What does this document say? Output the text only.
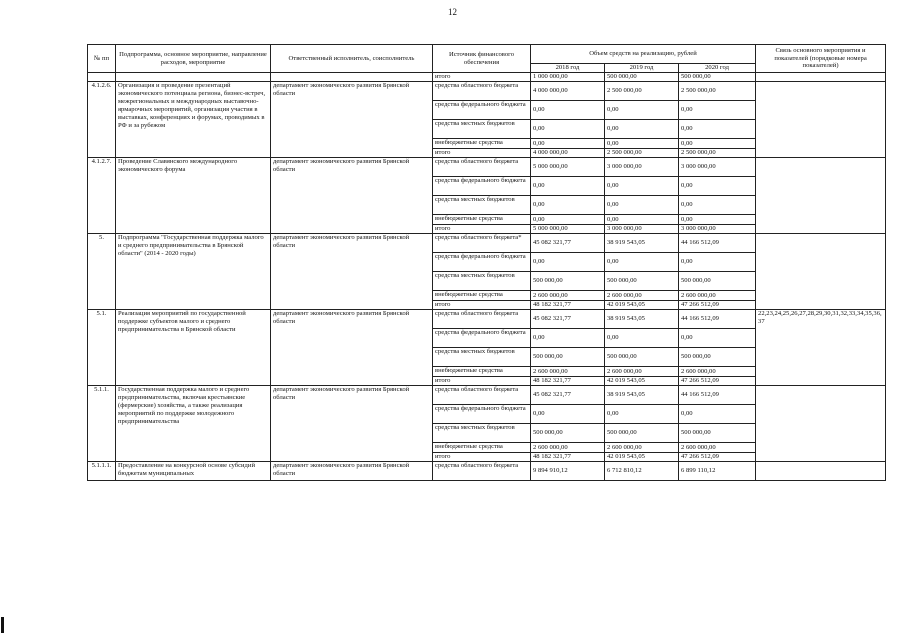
12
№ пп	Подпрограмма, основное мероприятие, направление расходов, мероприятие	Ответственный исполнитель, соисполнитель	Источник финансового обеспечения	Объем средств на реализацию, рублей			Связь основного мероприятия и показателей (порядковые номера показателей)
				2018 год	2019 год	2020 год	
			итого	1 000 000,00	500 000,00	500 000,00	
4.1.2.6.	Организация и проведение презентаций экономического потенциала региона, бизнес-встреч, межрегиональных и международных выставочно-ярмарочных мероприятий, организация участия в выставках, конференциях и форумах, проводимых в РФ и за рубежом	департамент экономического развития Брянской области	средства областного бюджета	4 000 000,00	2 500 000,00	2 500 000,00	
			средства федерального бюджета	0,00	0,00	0,00	
			средства местных бюджетов	0,00	0,00	0,00	
			внебюджетные средства	0,00	0,00	0,00	
			итого	4 000 000,00	2 500 000,00	2 500 000,00	
4.1.2.7.	Проведение Славянского международного экономического форума	департамент экономического развития Брянской области	средства областного бюджета	5 000 000,00	3 000 000,00	3 000 000,00	
			средства федерального бюджета	0,00	0,00	0,00	
			средства местных бюджетов	0,00	0,00	0,00	
			внебюджетные средства	0,00	0,00	0,00	
			итого	5 000 000,00	3 000 000,00	3 000 000,00	
5.	Подпрограмма "Государственная поддержка малого и среднего предпринимательства в Брянской области" (2014 - 2020 годы)	департамент экономического развития Брянской области	средства областного бюджета*	45 082 321,77	38 919 543,05	44 166 512,09	
			средства федерального бюджета	0,00	0,00	0,00	
			средства местных бюджетов	500 000,00	500 000,00	500 000,00	
			внебюджетные средства	2 600 000,00	2 600 000,00	2 600 000,00	
			итого	48 182 321,77	42 019 543,05	47 266 512,09	
5.1.	Реализация мероприятий по государственной поддержке субъектов малого и среднего предпринимательства в Брянской области	департамент экономического развития Брянской области	средства областного бюджета	45 082 321,77	38 919 543,05	44 166 512,09	22,23,24,25,26,27,28,29,30,31,32,33,34,35,36,37
			средства федерального бюджета	0,00	0,00	0,00	
			средства местных бюджетов	500 000,00	500 000,00	500 000,00	
			внебюджетные средства	2 600 000,00	2 600 000,00	2 600 000,00	
			итого	48 182 321,77	42 019 543,05	47 266 512,09	
5.1.1.	Государственная поддержка малого и среднего предпринимательства, включая крестьянские (фермерские) хозяйства, а также реализация мероприятий по поддержке молодежного предпринимательства	департамент экономического развития Брянской области	средства областного бюджета	45 082 321,77	38 919 543,05	44 166 512,09	
			средства федерального бюджета	0,00	0,00	0,00	
			средства местных бюджетов	500 000,00	500 000,00	500 000,00	
			внебюджетные средства	2 600 000,00	2 600 000,00	2 600 000,00	
			итого	48 182 321,77	42 019 543,05	47 266 512,09	
5.1.1.1.	Предоставление на конкурсной основе субсидий бюджетам муниципальных	департамент экономического развития Брянской области	средства областного бюджета	9 894 910,12	6 712 810,12	6 899 110,12	
